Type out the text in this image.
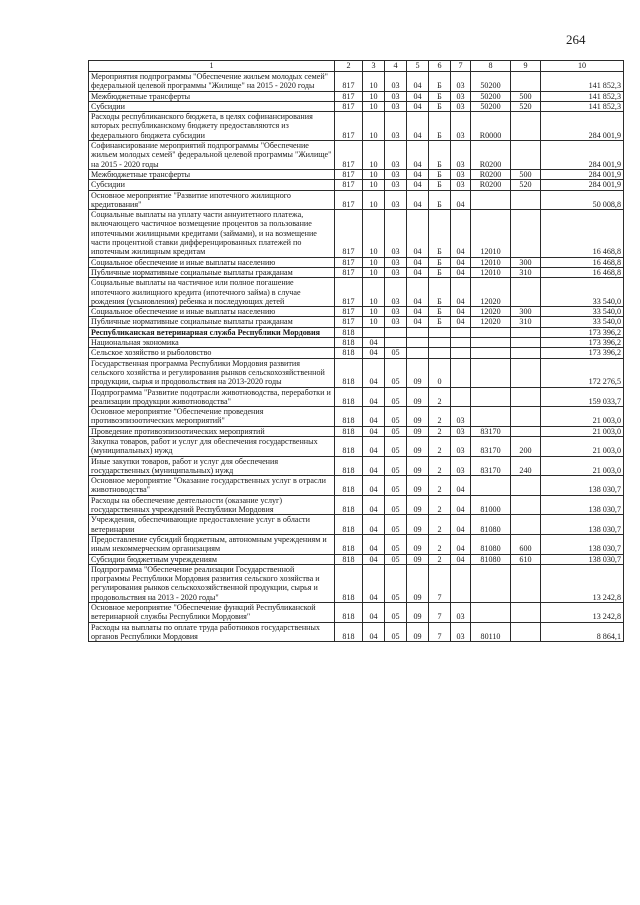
264
1	2	3	4	5	6	7	8	9	10
Мероприятия подпрограммы "Обеспечение жильем молодых семей" федеральной целевой программы "Жилище" на 2015 - 2020 годы	817	10	03	04	Б	03	50200		141 852,3
Межбюджетные трансферты	817	10	03	04	Б	03	50200	500	141 852,3
Субсидии	817	10	03	04	Б	03	50200	520	141 852,3
Расходы республиканского бюджета, в целях софинансирования которых республиканскому бюджету предоставляются из федерального бюджета субсидии	817	10	03	04	Б	03	R0000		284 001,9
Софинансирование мероприятий подпрограммы "Обеспечение жильем молодых семей" федеральной целевой программы "Жилище" на 2015 - 2020 годы	817	10	03	04	Б	03	R0200		284 001,9
Межбюджетные трансферты	817	10	03	04	Б	03	R0200	500	284 001,9
Субсидии	817	10	03	04	Б	03	R0200	520	284 001,9
Основное мероприятие "Развитие ипотечного жилищного кредитования"	817	10	03	04	Б	04			50 008,8
Социальные выплаты на уплату части аннуитетного платежа, включающего частичное возмещение процентов за пользование ипотечными жилищными кредитами (займами), и на возмещение части процентной ставки дифференцированных платежей по ипотечным жилищным кредитам	817	10	03	04	Б	04	12010		16 468,8
Социальное обеспечение и иные выплаты населению	817	10	03	04	Б	04	12010	300	16 468,8
Публичные нормативные социальные выплаты гражданам	817	10	03	04	Б	04	12010	310	16 468,8
Социальные выплаты на частичное или полное погашение ипотечного жилищного кредита (ипотечного займа) в случае рождения (усыновления) ребенка и последующих детей	817	10	03	04	Б	04	12020		33 540,0
Социальное обеспечение и иные выплаты населению	817	10	03	04	Б	04	12020	300	33 540,0
Публичные нормативные социальные выплаты гражданам	817	10	03	04	Б	04	12020	310	33 540,0
Республиканская ветеринарная служба Республики Мордовия	818								173 396,2
Национальная экономика	818	04							173 396,2
Сельское хозяйство и рыболовство	818	04	05						173 396,2
Государственная программа Республики Мордовия развития сельского хозяйства и регулирования рынков сельскохозяйственной продукции, сырья и продовольствия на 2013-2020 годы	818	04	05	09	0				172 276,5
Подпрограмма "Развитие подотрасли животноводства, переработки и реализации продукции животноводства"	818	04	05	09	2				159 033,7
Основное мероприятие "Обеспечение проведения противоэпизоотических мероприятий"	818	04	05	09	2	03			21 003,0
Проведение противоэпизоотических мероприятий	818	04	05	09	2	03	83170		21 003,0
Закупка товаров, работ и услуг для обеспечения государственных (муниципальных) нужд	818	04	05	09	2	03	83170	200	21 003,0
Иные закупки товаров, работ и услуг для обеспечения государственных (муниципальных) нужд	818	04	05	09	2	03	83170	240	21 003,0
Основное мероприятие "Оказание государственных услуг в отрасли животноводства"	818	04	05	09	2	04			138 030,7
Расходы на обеспечение деятельности (оказание услуг) государственных учреждений Республики Мордовия	818	04	05	09	2	04	81000		138 030,7
Учреждения, обеспечивающие предоставление услуг в области ветеринарии	818	04	05	09	2	04	81080		138 030,7
Предоставление субсидий бюджетным, автономным учреждениям и иным некоммерческим организациям	818	04	05	09	2	04	81080	600	138 030,7
Субсидии бюджетным учреждениям	818	04	05	09	2	04	81080	610	138 030,7
Подпрограмма "Обеспечение реализации Государственной программы Республики Мордовия развития сельского хозяйства и регулирования рынков сельскохозяйственной продукции, сырья и продовольствия на 2013 - 2020 годы"	818	04	05	09	7				13 242,8
Основное мероприятие "Обеспечение функций Республиканской ветеринарной службы Республики Мордовия"	818	04	05	09	7	03			13 242,8
Расходы на выплаты по оплате труда работников государственных органов Республики Мордовия	818	04	05	09	7	03	80110		8 864,1
